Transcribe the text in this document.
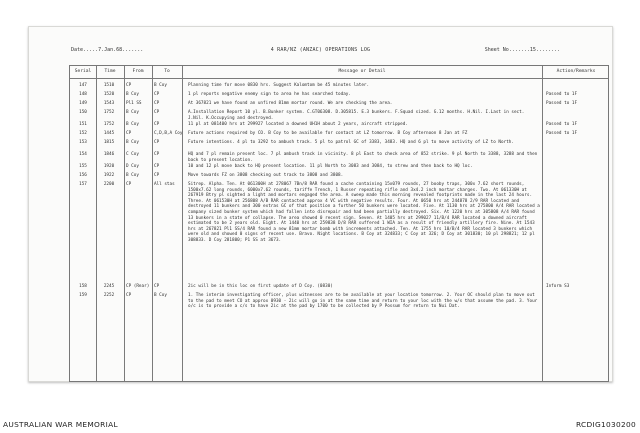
Date.....7.Jan.68.......	4 RAR/NZ (ANZAC) OPERATIONS LOG	Sheet No.......15........
Serial	Time	From	To	Message or Detail	Action/Remarks
147	1510	CP	B Coy	Planning time for move 0830 hrs. Suggest Kalomtom be 45 minutes later.
148	1520	B Coy	CP	1 pl reports negative enemy sign to area he has searched today.	Passed to 1F
149	1543	Pl1 SS	CP	At 367821 we have found an unfired 81mm mortar round. We are checking the area.	Passed to 1F
150	1752	B Coy	CP	A.Installation Report 10 yl. B.Bunker system. C.GT06308. D.305815. E.3 bunkers. F.Squad sized. G.12 months. H.Nil. I.Last in sect. J.Nil. K.Occupying and destroyed.
151	1752	B Coy	CP	11 pl at 081400 hrs at 299927 located a downed UH1H about 2 years, aircraft stripped.	Passed to 1F
152	1445	CP	C,D,B,A Coy Future actions required by CO. B Coy to be available for contact at LZ tomorrow. B Coy afternoon 8 Jan at FZ	Passed to 1F
153	1815	B Coy	CP	Future intentions. 4 pl to 3292 to ambush track. 5 pl to patrol GC of 3383, 3483. HQ and 6 pl to move activity of LZ to North.
154	1846	C Coy	CP	HQ and 7 pl remain present loc. 7 pl ambush track in vicinity. 8 pl East to check area of 852 strike. 9 pl North to 3388, 3288 and then back to present location.
155	1920	D Coy	CP	10 and 12 pl move back to HQ present location. 11 pl North to 3083 and 3084, to strew and then back to HQ loc.
156	1922	B Coy	CP	Move towards FZ on 3808 checking out track to 3808 and 3808.
157	2200	CP	All stas	Sitrep. Alpha. Ten. At 061300H at 278067 7Bn/8 RAR found a cache containing 15x079 rounds, 27 booby traps, 300x 7.62 short rounds, 1500x7.62 long rounds, 6000x7.62 rounds, tariffe Trench, 1 Russer repeating rifle and 3x4.2 inch mortar charges. Two. At 061330H at 267919 Btry pl sighted a light and mortars engaged the area. A sweep made this morning revealed footprints made in the last 24 hours. Three. At 061530H at 256808 A/B RAR contacted approx 4 VC with negative results. Four. At 0650 hrs at 244878 2/9 RAR located and destroyed 11 bunkers and 300 extras GC of that position a further 50 bunkers were located. Five. At 1130 hrs at 275800 A/4 RAR located a company sized bunker system which had fallen into disrepair and had been partially destroyed. Six. At 1220 hrs at 305808 A/4 RAR found 13 bunkers in a state of collapse. The area showed 0 recent sign. Seven. At 1405 hrs at 299027 11/B/4 RAR located a downed aircraft estimated to be 2 years old. Eight. At 1440 hrs at 259838 D/8 RAR suffered 1 WIA as a result of friendly artillery fire. Nine. At 1543 hrs at 267821 Pl1 SS/4 RAR found a new 81mm mortar bomb with increments attached. Ten. At 1755 hrs 10/B/4 RAR located 3 bunkers which were old and showed 0 signs of recent use. Bravo. Night locations. B Coy at 324833; C Coy at 326; D Coy at 301830; 10 pl 298821; 12 pl 308833. D Coy 281800; P1 SS at 3673.
158	2245	CP (Rear)	CP	2ic will be in this loc on first update of D Coy. (0830)	Inform S3
159	2252	CP	B Coy	1. The interim investigating officer, plus witnesses are to be available at your location tomorrow. 2. Your OC should plan to move out to the pad to meet CO at approx 0930 - 2ic will go in at the same time and return to your loc with the w/s that assume the pad. 3. Your o/c is to provide a c/s to have 2ic at the pad by 1700 to be collected by P Possum for return to Nui Dat.
AUSTRALIAN WAR MEMORIAL	RCDIG1030200
